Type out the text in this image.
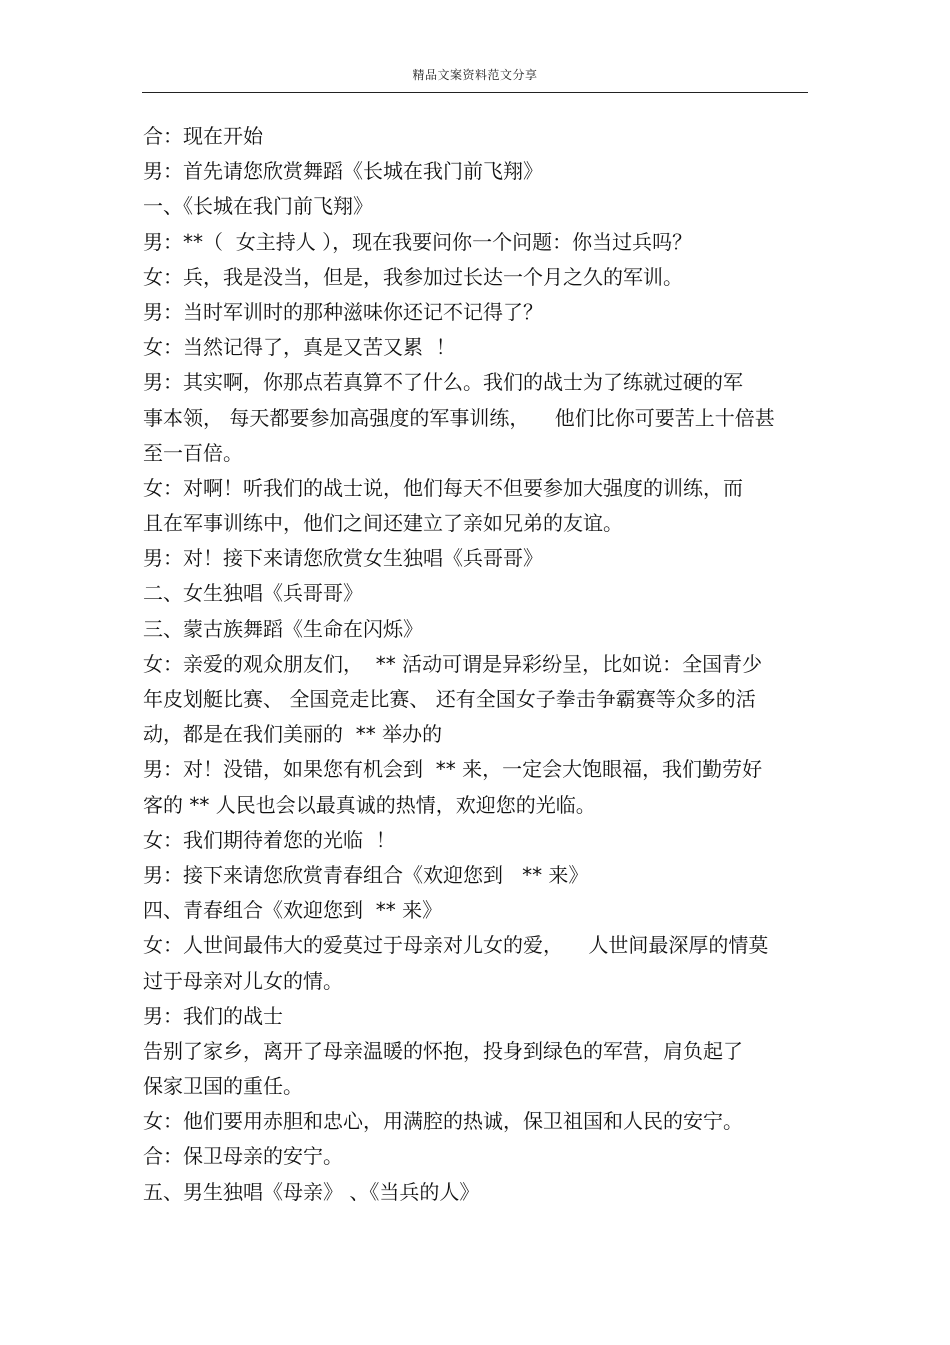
精品文案资料范文分享

合：现在开始

男：首先请您欣赏舞蹈《长城在我门前飞翔》

一、《长城在我门前飞翔》

男：**（  女主持人 ），现在我要问你一个问题：你当过兵吗？

女：兵，我是没当，但是，我参加过长达一个月之久的军训。

男：当时军训时的那种滋味你还记不记得了？

女：当然记得了，真是又苦又累  ！

男：其实啊，你那点若真算不了什么。我们的战士为了练就过硬的军

事本领， 每天都要参加高强度的军事训练，    他们比你可要苦上十倍甚

至一百倍。

女：对啊！听我们的战士说，他们每天不但要参加大强度的训练，而

且在军事训练中，他们之间还建立了亲如兄弟的友谊。

男：对！接下来请您欣赏女生独唱《兵哥哥》

二、女生独唱《兵哥哥》

三、蒙古族舞蹈《生命在闪烁》

女：亲爱的观众朋友们，  ** 活动可谓是异彩纷呈，比如说：全国青少

年皮划艇比赛、 全国竞走比赛、 还有全国女子拳击争霸赛等众多的活

动，都是在我们美丽的  ** 举办的

男：对！没错，如果您有机会到  ** 来，一定会大饱眼福，我们勤劳好

客的 ** 人民也会以最真诚的热情，欢迎您的光临。

女：我们期待着您的光临  ！

男：接下来请您欣赏青春组合《欢迎您到   ** 来》

四、青春组合《欢迎您到  ** 来》

女：人世间最伟大的爱莫过于母亲对儿女的爱，    人世间最深厚的情莫

过于母亲对儿女的情。

男：我们的战士

告别了家乡，离开了母亲温暖的怀抱，投身到绿色的军营，肩负起了

保家卫国的重任。

女：他们要用赤胆和忠心，用满腔的热诚，保卫祖国和人民的安宁。

合：保卫母亲的安宁。

五、男生独唱《母亲》 、《当兵的人》
